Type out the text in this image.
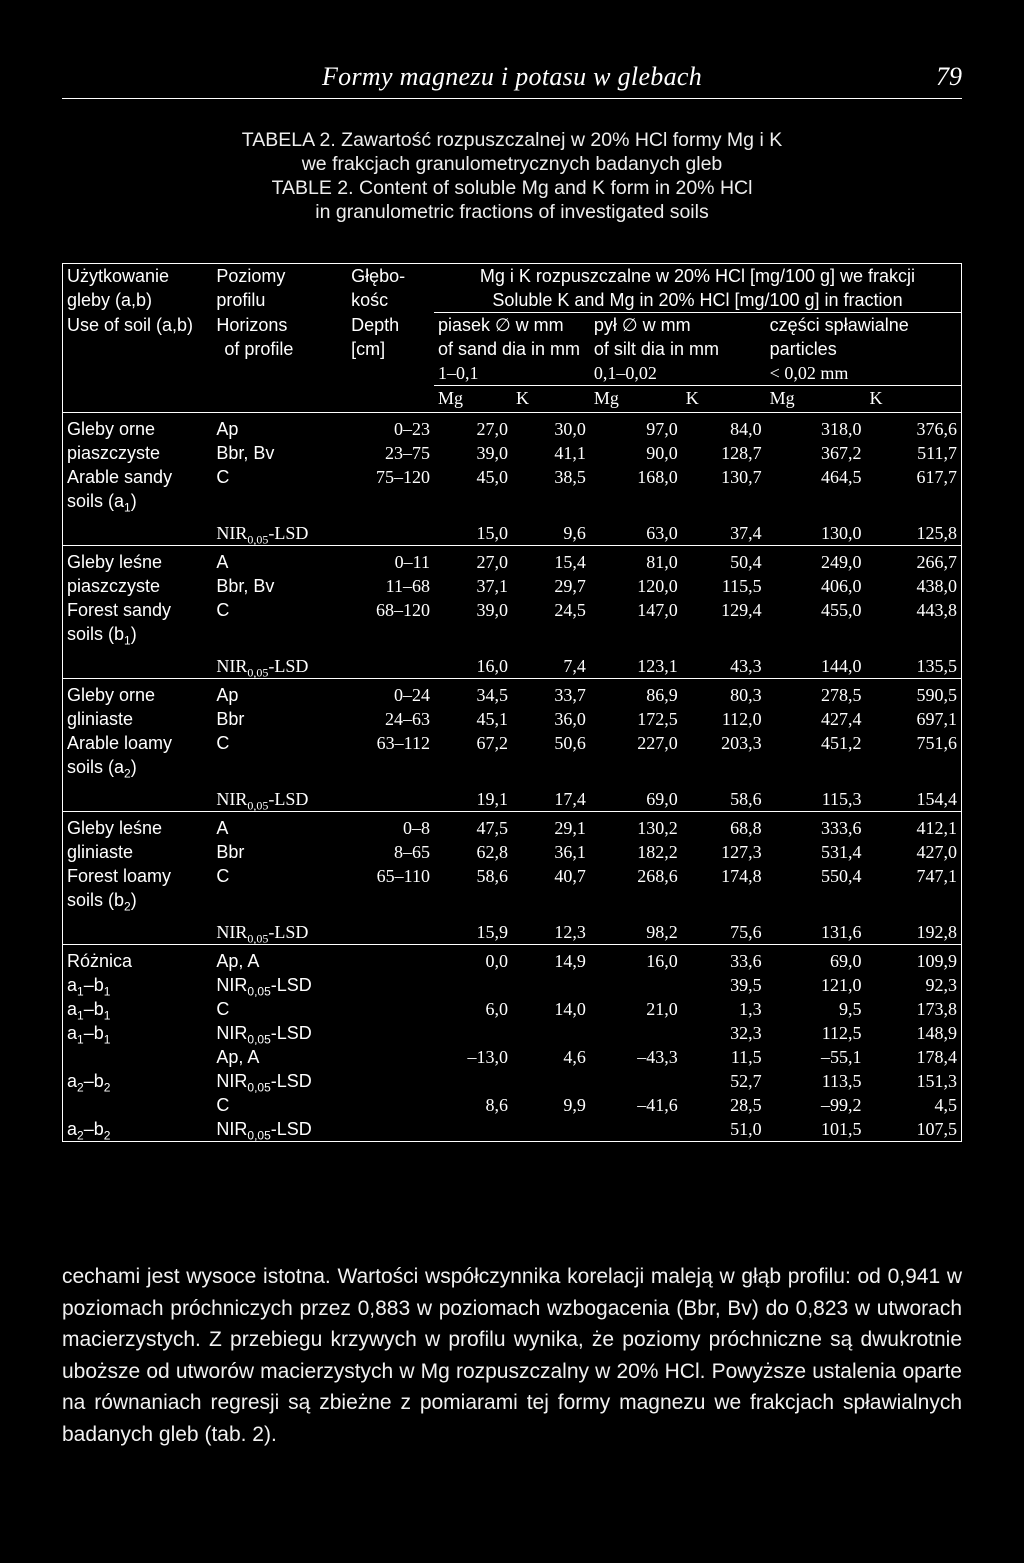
Formy magnezu i potasu w glebach	79
TABELA 2. Zawartość rozpuszczalnej w 20% HCl formy Mg i K
we frakcjach granulometrycznych badanych gleb
TABLE 2. Content of soluble Mg and K form in 20% HCl
in granulometric fractions of investigated soils
Użytkowanie	Poziomy	Głębo-	Mg i K rozpuszczalne w 20% HCl [mg/100 g] we frakcji					
gleby (a,b)	profilu	kośc	Soluble K and Mg in 20% HCl [mg/100 g] in fraction					
Use of soil (a,b)	Horizons	Depth	piasek ∅ w mm		pył ∅ w mm		części spławialne	
	of profile	[cm]	of sand dia in mm		of silt dia in mm		particles	
			1–0,1		0,1–0,02		< 0,02 mm	
			Mg	K	Mg	K	Mg	K
Gleby orne	Ap	0–23	27,0	30,0	97,0	84,0	318,0	376,6
piaszczyste	Bbr, Bv	23–75	39,0	41,1	90,0	128,7	367,2	511,7
Arable sandy	C	75–120	45,0	38,5	168,0	130,7	464,5	617,7
soils $(a_1)$								
	$NIR_{0,05}$-LSD		15,0	9,6	63,0	37,4	130,0	125,8
Gleby leśne	A	0–11	27,0	15,4	81,0	50,4	249,0	266,7
piaszczyste	Bbr, Bv	11–68	37,1	29,7	120,0	115,5	406,0	438,0
Forest sandy	C	68–120	39,0	24,5	147,0	129,4	455,0	443,8
soils $(b_1)$								
	$NIR_{0,05}$-LSD		16,0	7,4	123,1	43,3	144,0	135,5
Gleby orne	Ap	0–24	34,5	33,7	86,9	80,3	278,5	590,5
gliniaste	Bbr	24–63	45,1	36,0	172,5	112,0	427,4	697,1
Arable loamy	C	63–112	67,2	50,6	227,0	203,3	451,2	751,6
soils $(a_2)$								
	$NIR_{0,05}$-LSD		19,1	17,4	69,0	58,6	115,3	154,4
Gleby leśne	A	0–8	47,5	29,1	130,2	68,8	333,6	412,1
gliniaste	Bbr	8–65	62,8	36,1	182,2	127,3	531,4	427,0
Forest loamy	C	65–110	58,6	40,7	268,6	174,8	550,4	747,1
soils $(b_2)$								
	$NIR_{0,05}$-LSD		15,9	12,3	98,2	75,6	131,6	192,8
Różnica	Ap, A		0,0	14,9	16,0	33,6	69,0	109,9
$a_1-b_1$	$NIR_{0,05}$-LSD					39,5	121,0	92,3
$a_1-b_1$	C		6,0	14,0	21,0	1,3	9,5	173,8
$a_1-b_1$	$NIR_{0,05}$-LSD					32,3	112,5	148,9
	Ap, A		–13,0	4,6	–43,3	11,5	–55,1	178,4
$a_2-b_2$	$NIR_{0,05}$-LSD					52,7	113,5	151,3
	C		8,6	9,9	–41,6	28,5	–99,2	4,5
$a_2-b_2$	$NIR_{0,05}$-LSD					51,0	101,5	107,5
cechami jest wysoce istotna. Wartości współczynnika korelacji maleją w głąb profilu: od 0,941 w poziomach próchniczych przez 0,883 w poziomach wzbogacenia (Bbr, Bv) do 0,823 w utworach macierzystych. Z przebiegu krzywych w profilu wynika, że poziomy próchniczne są dwukrotnie uboższe od utworów macierzystych w Mg rozpuszczalny w 20% HCl. Powyższe ustalenia oparte na równaniach regresji są zbieżne z pomiarami tej formy magnezu we frakcjach spławialnych badanych gleb (tab. 2).
